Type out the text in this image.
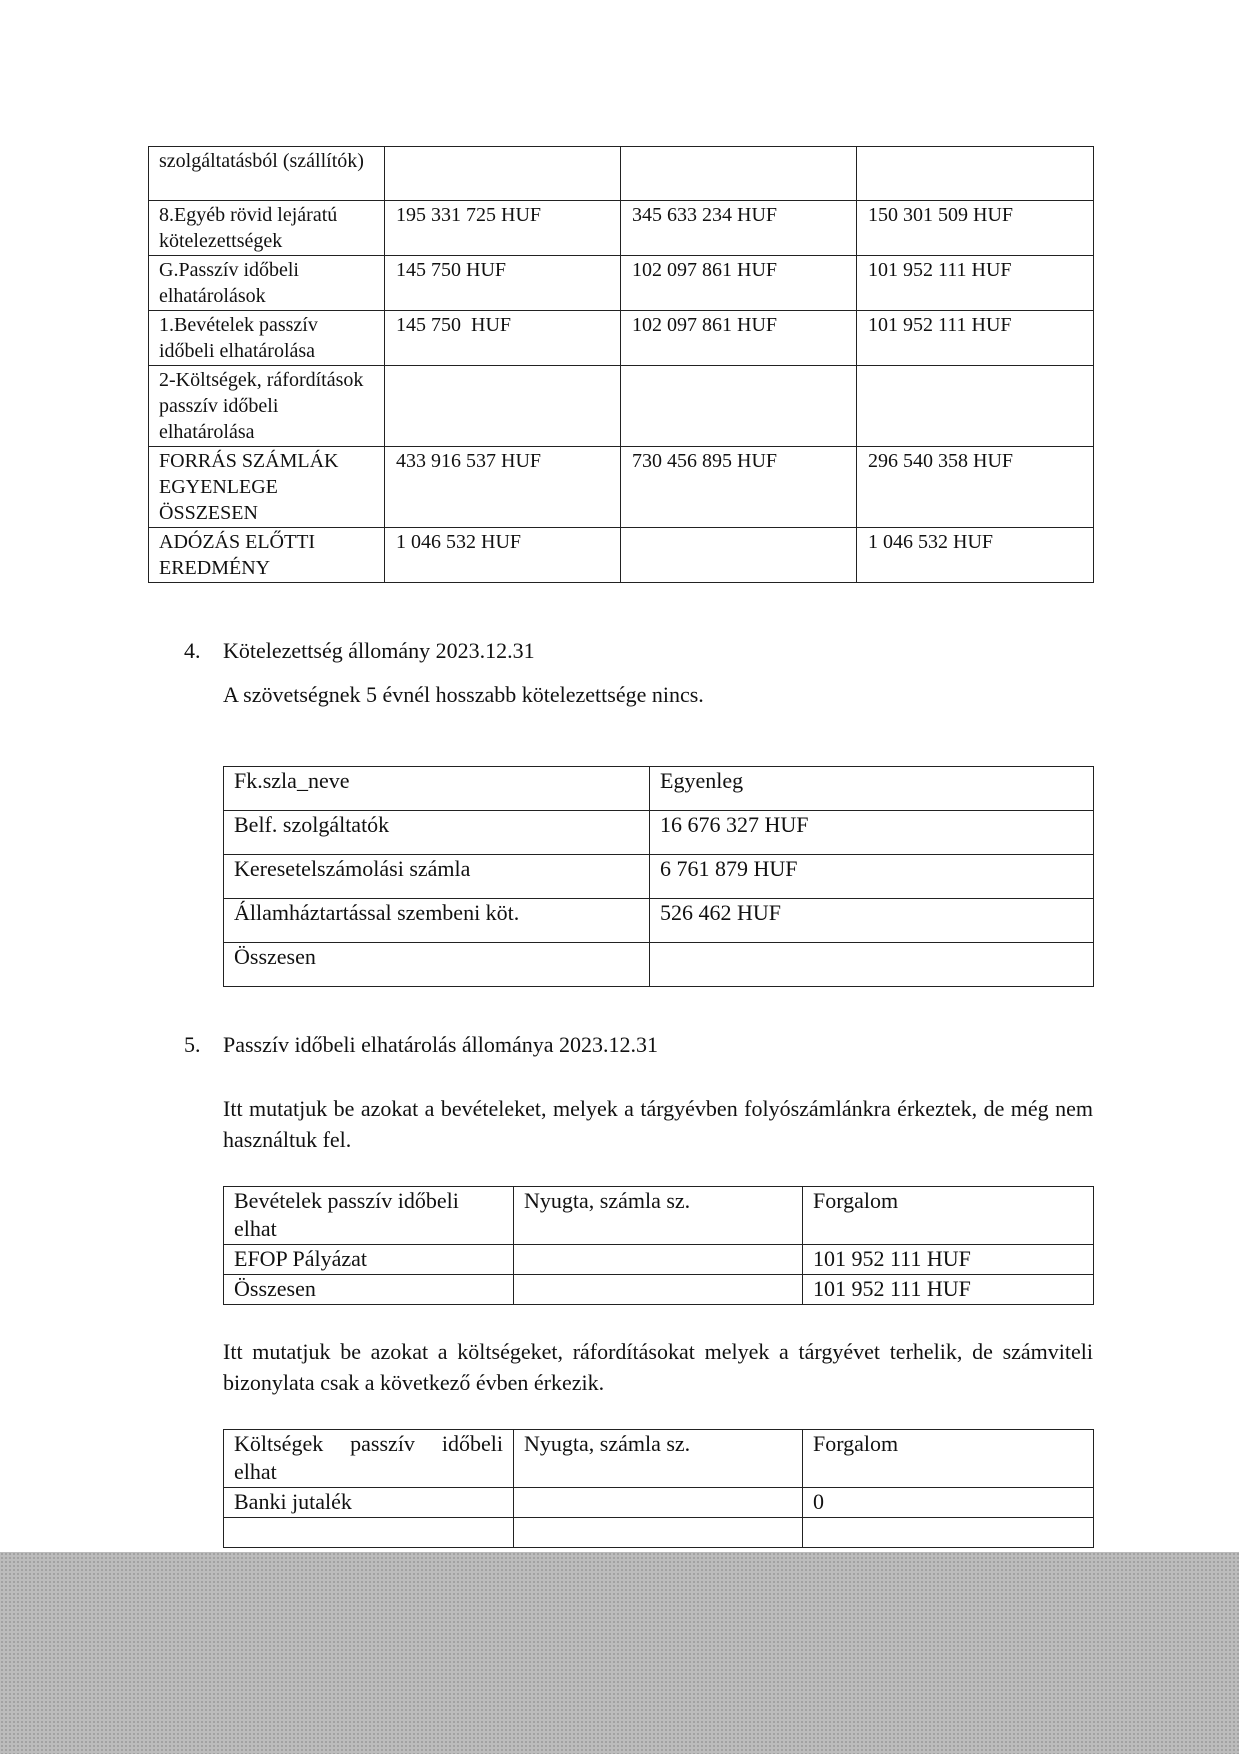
szolgáltatásból (szállítók)			
8.Egyéb rövid lejáratú kötelezettségek	195 331 725 HUF	345 633 234 HUF	150 301 509 HUF
G.Passzív időbeli elhatárolások	145 750 HUF	102 097 861 HUF	101 952 111 HUF
1.Bevételek passzív időbeli elhatárolása	145 750  HUF	102 097 861 HUF	101 952 111 HUF
2-Költségek, ráfordítások passzív időbeli elhatárolása			
FORRÁS SZÁMLÁK EGYENLEGE ÖSSZESEN	433 916 537 HUF	730 456 895 HUF	296 540 358 HUF
ADÓZÁS ELŐTTI EREDMÉNY	1 046 532 HUF		1 046 532 HUF
4. Kötelezettség állomány 2023.12.31
A szövetségnek 5 évnél hosszabb kötelezettsége nincs.
Fk.szla_neve	Egyenleg
Belf. szolgáltatók	16 676 327 HUF
Keresetelszámolási számla	6 761 879 HUF
Államháztartással szembeni köt.	526 462 HUF
Összesen	
5. Passzív időbeli elhatárolás állománya 2023.12.31
Itt mutatjuk be azokat a bevételeket, melyek a tárgyévben folyószámlánkra érkeztek, de még nem használtuk fel.
Bevételek passzív időbeli elhat	Nyugta, számla sz.	Forgalom
EFOP Pályázat		101 952 111 HUF
Összesen		101 952 111 HUF
Itt mutatjuk be azokat a költségeket, ráfordításokat melyek a tárgyévet terhelik, de számviteli bizonylata csak a következő évben érkezik.
Költségek passzív időbeli elhat	Nyugta, számla sz.	Forgalom
Banki jutalék		0
